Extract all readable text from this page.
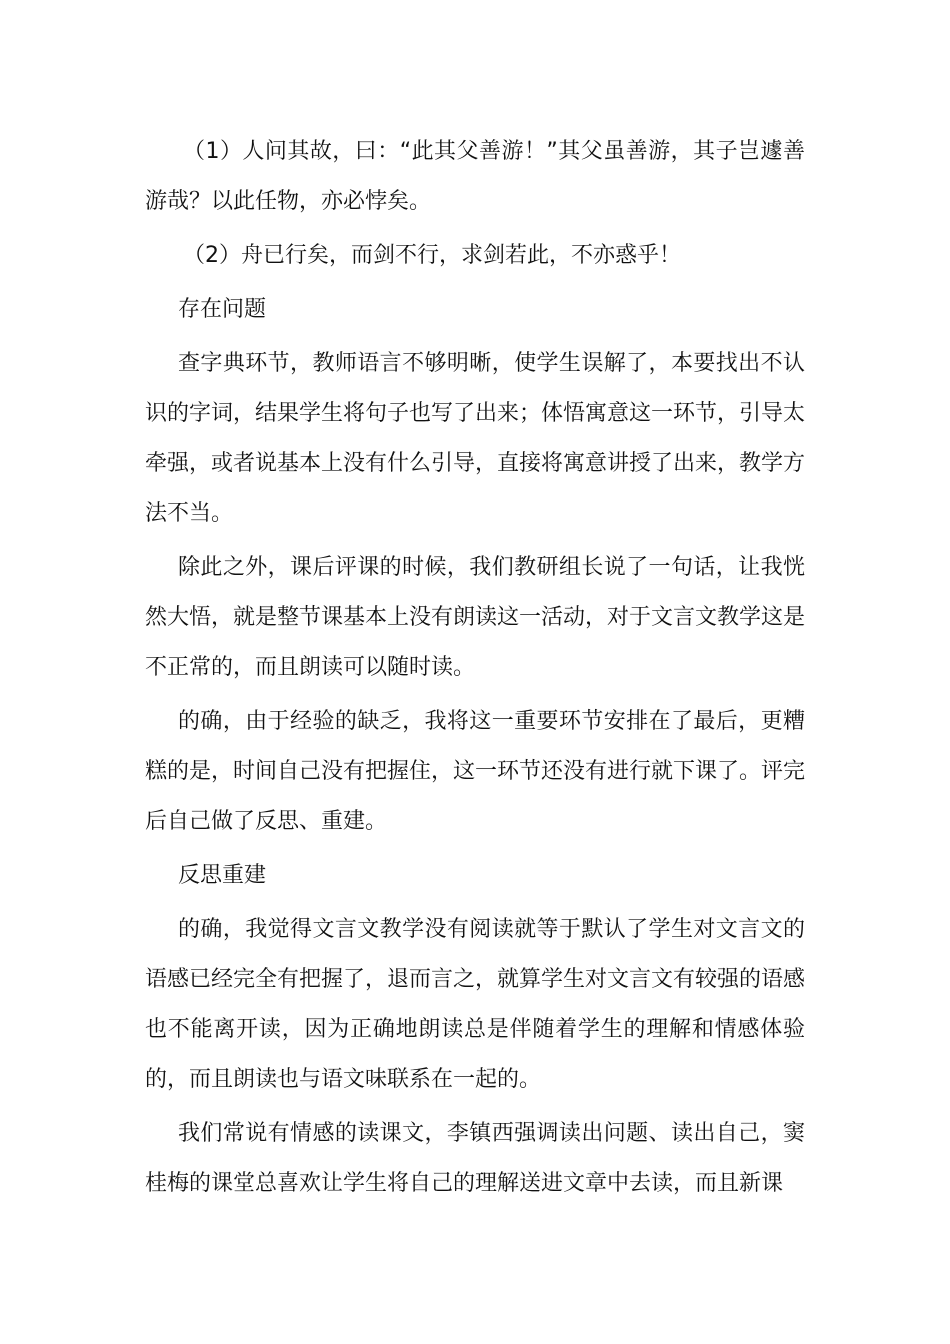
（1）人问其故，曰：“此其父善游！”其父虽善游，其子岂遽善游哉？以此任物，亦必悖矣。

（2）舟已行矣，而剑不行，求剑若此，不亦惑乎！

存在问题

查字典环节，教师语言不够明晰，使学生误解了，本要找出不认识的字词，结果学生将句子也写了出来；体悟寓意这一环节，引导太牵强，或者说基本上没有什么引导，直接将寓意讲授了出来，教学方法不当。

除此之外，课后评课的时候，我们教研组长说了一句话，让我恍然大悟，就是整节课基本上没有朗读这一活动，对于文言文教学这是不正常的，而且朗读可以随时读。

的确，由于经验的缺乏，我将这一重要环节安排在了最后，更糟糕的是，时间自己没有把握住，这一环节还没有进行就下课了。评完后自己做了反思、重建。

反思重建

的确，我觉得文言文教学没有阅读就等于默认了学生对文言文的语感已经完全有把握了，退而言之，就算学生对文言文有较强的语感也不能离开读，因为正确地朗读总是伴随着学生的理解和情感体验的，而且朗读也与语文味联系在一起的。

我们常说有情感的读课文，李镇西强调读出问题、读出自己，窦桂梅的课堂总喜欢让学生将自己的理解送进文章中去读，而且新课
